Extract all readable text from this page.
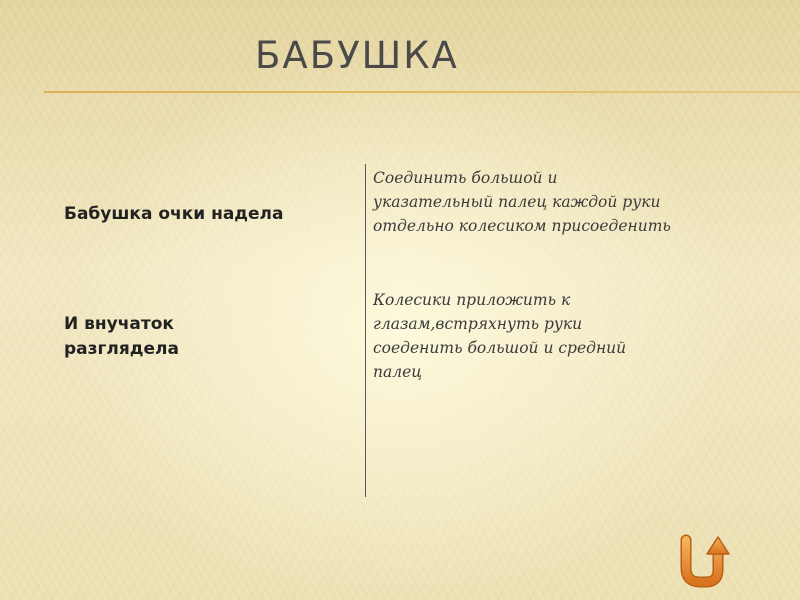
БАБУШКА

Бабушка очки надела

И внучаток разглядела

Соединить большой и указательный палец каждой руки отдельно колесиком присоеденить

Колесики приложить к глазам,встряхнуть руки соеденить большой и средний палец
